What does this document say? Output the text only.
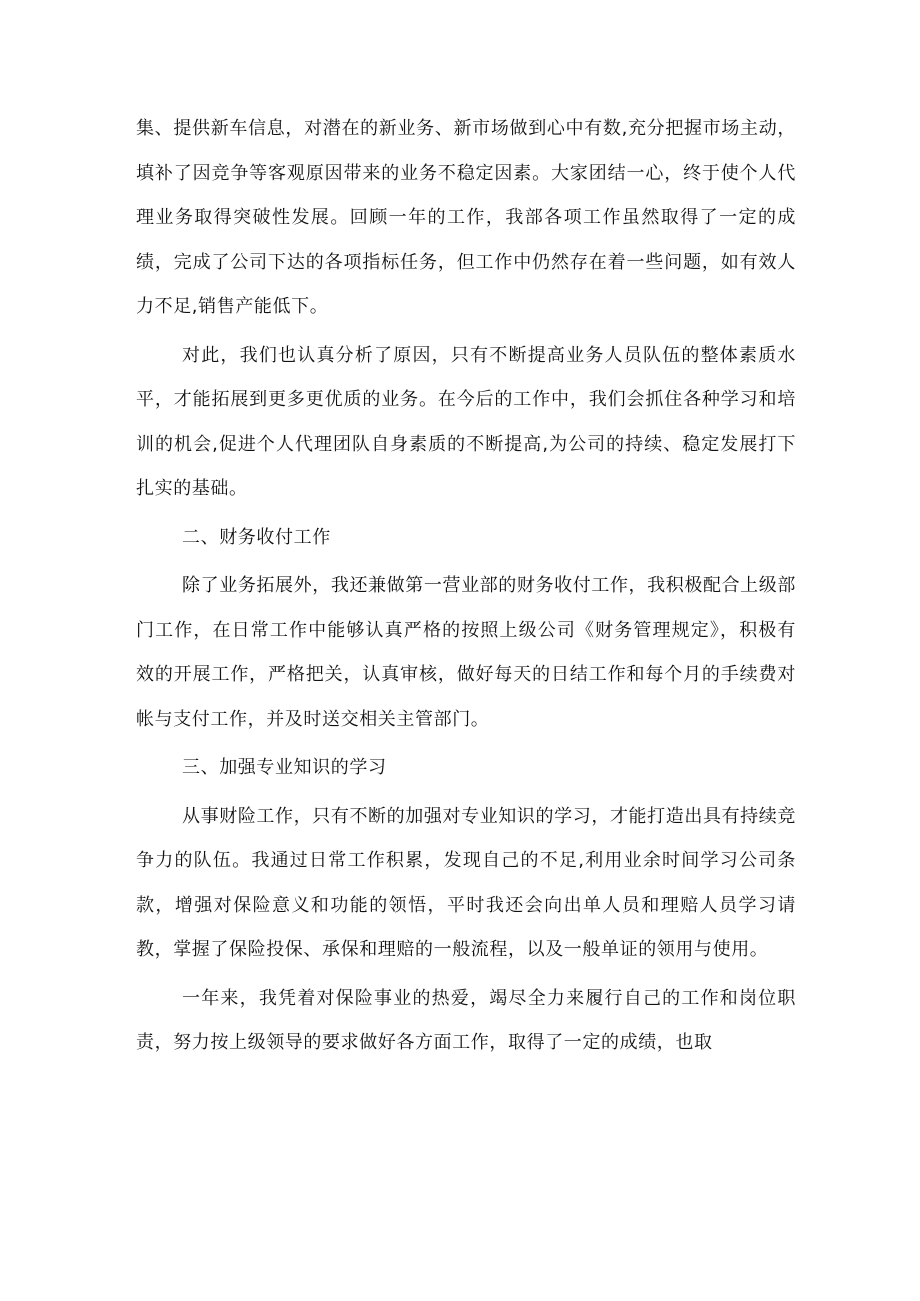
集、提供新车信息，对潜在的新业务、新市场做到心中有数,充分把握市场主动，填补了因竞争等客观原因带来的业务不稳定因素。大家团结一心，终于使个人代理业务取得突破性发展。回顾一年的工作，我部各项工作虽然取得了一定的成绩，完成了公司下达的各项指标任务，但工作中仍然存在着一些问题，如有效人力不足,销售产能低下。

对此，我们也认真分析了原因，只有不断提高业务人员队伍的整体素质水平，才能拓展到更多更优质的业务。在今后的工作中，我们会抓住各种学习和培训的机会,促进个人代理团队自身素质的不断提高,为公司的持续、稳定发展打下扎实的基础。

二、财务收付工作

除了业务拓展外，我还兼做第一营业部的财务收付工作，我积极配合上级部门工作，在日常工作中能够认真严格的按照上级公司《财务管理规定》，积极有效的开展工作，严格把关，认真审核，做好每天的日结工作和每个月的手续费对帐与支付工作，并及时送交相关主管部门。

三、加强专业知识的学习

从事财险工作，只有不断的加强对专业知识的学习，才能打造出具有持续竞争力的队伍。我通过日常工作积累，发现自己的不足,利用业余时间学习公司条款，增强对保险意义和功能的领悟，平时我还会向出单人员和理赔人员学习请教，掌握了保险投保、承保和理赔的一般流程，以及一般单证的领用与使用。

一年来，我凭着对保险事业的热爱，竭尽全力来履行自己的工作和岗位职责，努力按上级领导的要求做好各方面工作，取得了一定的成绩，也取
